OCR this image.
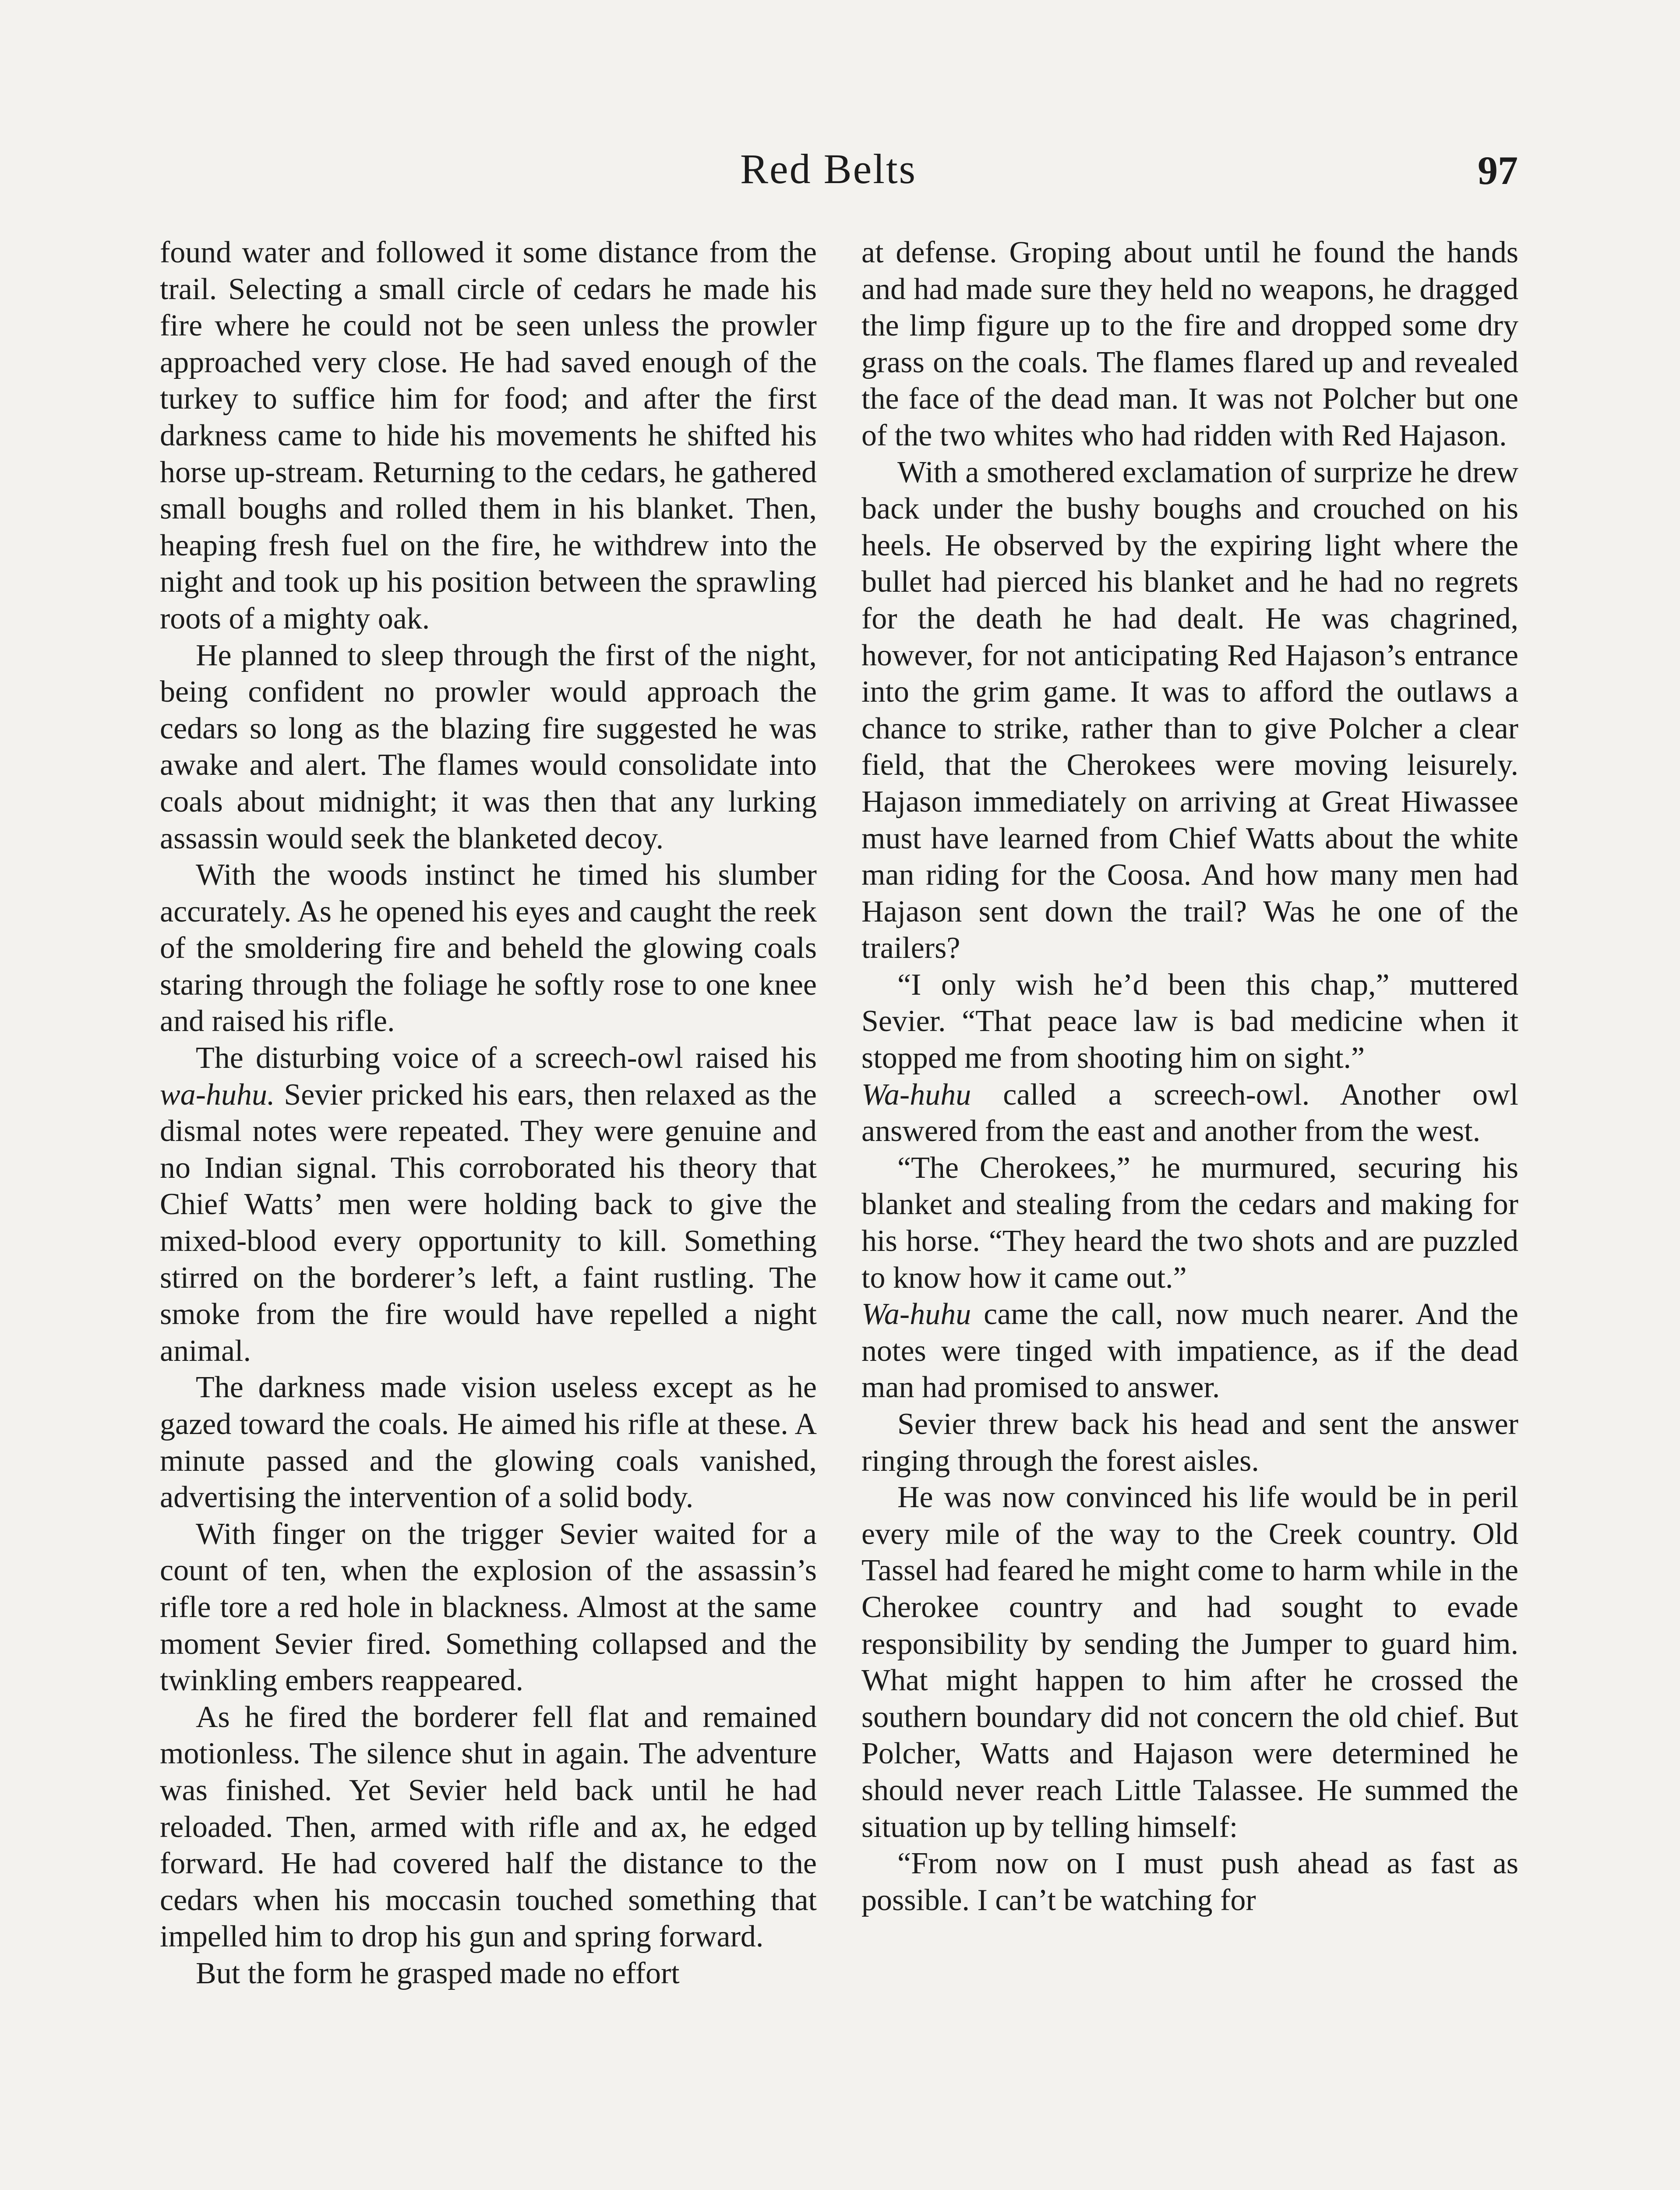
Red Belts	97

found water and followed it some distance from the trail. Selecting a small circle of cedars he made his fire where he could not be seen unless the prowler approached very close. He had saved enough of the turkey to suffice him for food; and after the first darkness came to hide his movements he shifted his horse up-stream. Returning to the cedars, he gathered small boughs and rolled them in his blanket. Then, heaping fresh fuel on the fire, he withdrew into the night and took up his position between the sprawling roots of a mighty oak.

He planned to sleep through the first of the night, being confident no prowler would approach the cedars so long as the blazing fire suggested he was awake and alert. The flames would consolidate into coals about midnight; it was then that any lurking assassin would seek the blanketed decoy.

With the woods instinct he timed his slumber accurately. As he opened his eyes and caught the reek of the smoldering fire and beheld the glowing coals staring through the foliage he softly rose to one knee and raised his rifle.

The disturbing voice of a screech-owl raised his wa-huhu. Sevier pricked his ears, then relaxed as the dismal notes were repeated. They were genuine and no Indian signal. This corroborated his theory that Chief Watts’ men were holding back to give the mixed-blood every opportunity to kill. Something stirred on the borderer’s left, a faint rustling. The smoke from the fire would have repelled a night animal.

The darkness made vision useless except as he gazed toward the coals. He aimed his rifle at these. A minute passed and the glowing coals vanished, advertising the intervention of a solid body.

With finger on the trigger Sevier waited for a count of ten, when the explosion of the assassin’s rifle tore a red hole in blackness. Almost at the same moment Sevier fired. Something collapsed and the twinkling embers reappeared.

As he fired the borderer fell flat and remained motionless. The silence shut in again. The adventure was finished. Yet Sevier held back until he had reloaded. Then, armed with rifle and ax, he edged forward. He had covered half the distance to the cedars when his moccasin touched something that impelled him to drop his gun and spring forward.

But the form he grasped made no effort

at defense. Groping about until he found the hands and had made sure they held no weapons, he dragged the limp figure up to the fire and dropped some dry grass on the coals. The flames flared up and revealed the face of the dead man. It was not Polcher but one of the two whites who had ridden with Red Hajason.

With a smothered exclamation of surprize he drew back under the bushy boughs and crouched on his heels. He observed by the expiring light where the bullet had pierced his blanket and he had no regrets for the death he had dealt. He was chagrined, however, for not anticipating Red Hajason’s entrance into the grim game. It was to afford the outlaws a chance to strike, rather than to give Polcher a clear field, that the Cherokees were moving leisurely. Hajason immediately on arriving at Great Hiwassee must have learned from Chief Watts about the white man riding for the Coosa. And how many men had Hajason sent down the trail? Was he one of the trailers?

“I only wish he’d been this chap,” muttered Sevier. “That peace law is bad medicine when it stopped me from shooting him on sight.”

Wa-huhu called a screech-owl. Another owl answered from the east and another from the west.

“The Cherokees,” he murmured, securing his blanket and stealing from the cedars and making for his horse. “They heard the two shots and are puzzled to know how it came out.”

Wa-huhu came the call, now much nearer. And the notes were tinged with impatience, as if the dead man had promised to answer.

Sevier threw back his head and sent the answer ringing through the forest aisles.

He was now convinced his life would be in peril every mile of the way to the Creek country. Old Tassel had feared he might come to harm while in the Cherokee country and had sought to evade responsibility by sending the Jumper to guard him. What might happen to him after he crossed the southern boundary did not concern the old chief. But Polcher, Watts and Hajason were determined he should never reach Little Talassee. He summed the situation up by telling himself:

“From now on I must push ahead as fast as possible. I can’t be watching for
